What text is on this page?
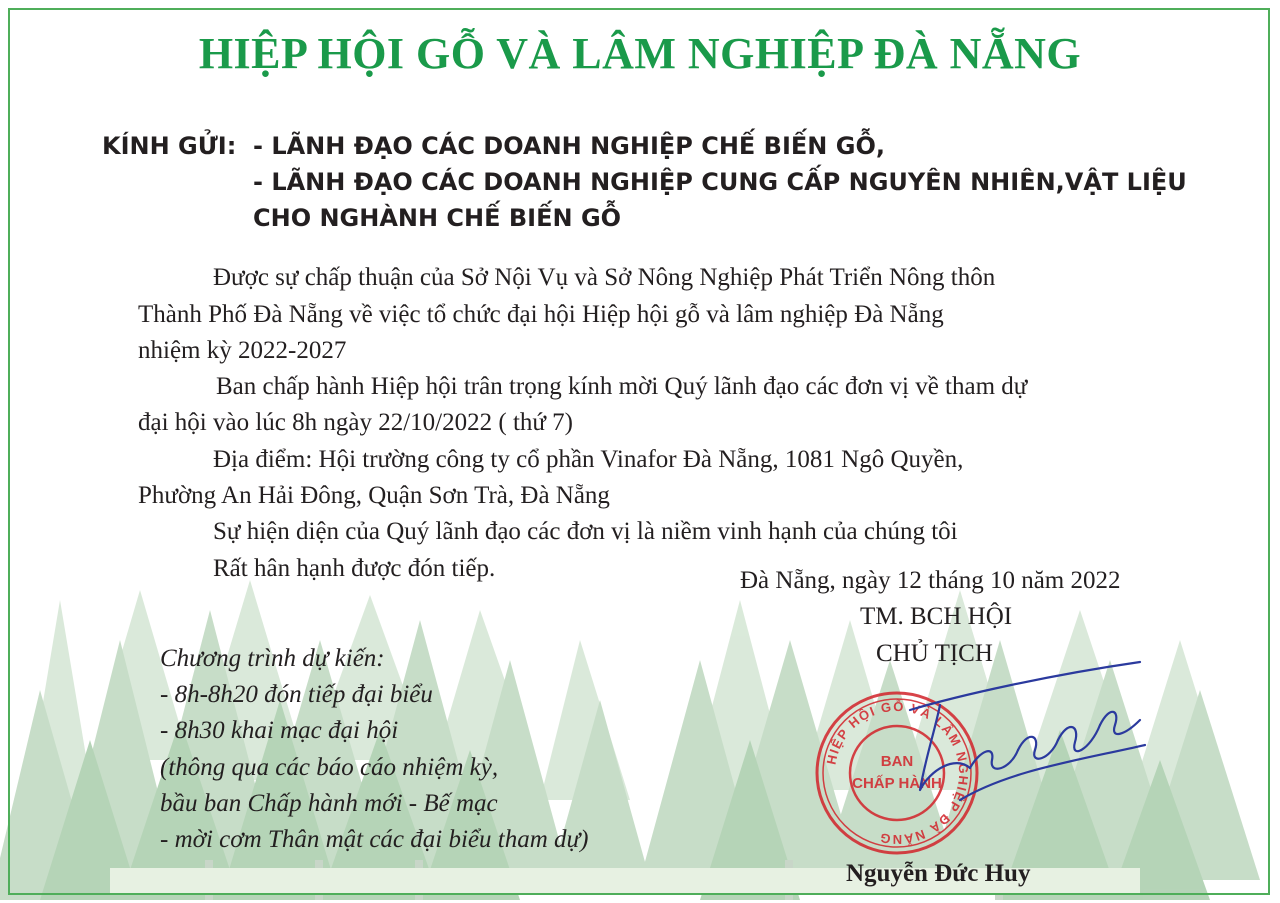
HIỆP HỘI GỖ VÀ LÂM NGHIỆP ĐÀ NẴNG
KÍNH GỬI: - LÃNH ĐẠO CÁC DOANH NGHIỆP CHẾ BIẾN GỖ,
- LÃNH ĐẠO CÁC DOANH NGHIỆP CUNG CẤP NGUYÊN NHIÊN,VẬT LIỆU
CHO NGHÀNH CHẾ BIẾN GỖ

Được sự chấp thuận của Sở Nội Vụ và Sở Nông Nghiệp Phát Triển Nông thôn

Thành Phố Đà Nẵng về việc tổ chức đại hội Hiệp hội gỗ và lâm nghiệp Đà Nẵng

nhiệm kỳ 2022-2027

Ban chấp hành Hiệp hội trân trọng kính mời Quý lãnh đạo các đơn vị về tham dự

đại hội vào lúc 8h ngày 22/10/2022 ( thứ 7)

Địa điểm: Hội trường công ty cổ phần Vinafor Đà Nẵng, 1081 Ngô Quyền,

Phường An Hải Đông, Quận Sơn Trà, Đà Nẵng

Sự hiện diện của Quý lãnh đạo các đơn vị là niềm vinh hạnh của chúng tôi

Rất hân hạnh được đón tiếp.

Chương trình dự kiến:

- 8h-8h20 đón tiếp đại biểu

- 8h30 khai mạc đại hội

(thông qua các báo cáo nhiệm kỳ,

bầu ban Chấp hành mới - Bế mạc

- mời cơm Thân mật các đại biểu tham dự)

Đà Nẵng, ngày 12 tháng 10 năm 2022

TM. BCH HỘI

CHỦ TỊCH

HIỆP HỘI GỖ VÀ LÂM NGHIỆP ĐÀ NẴNG
BAN
CHẤP HÀNH

Nguyễn Đức Huy
